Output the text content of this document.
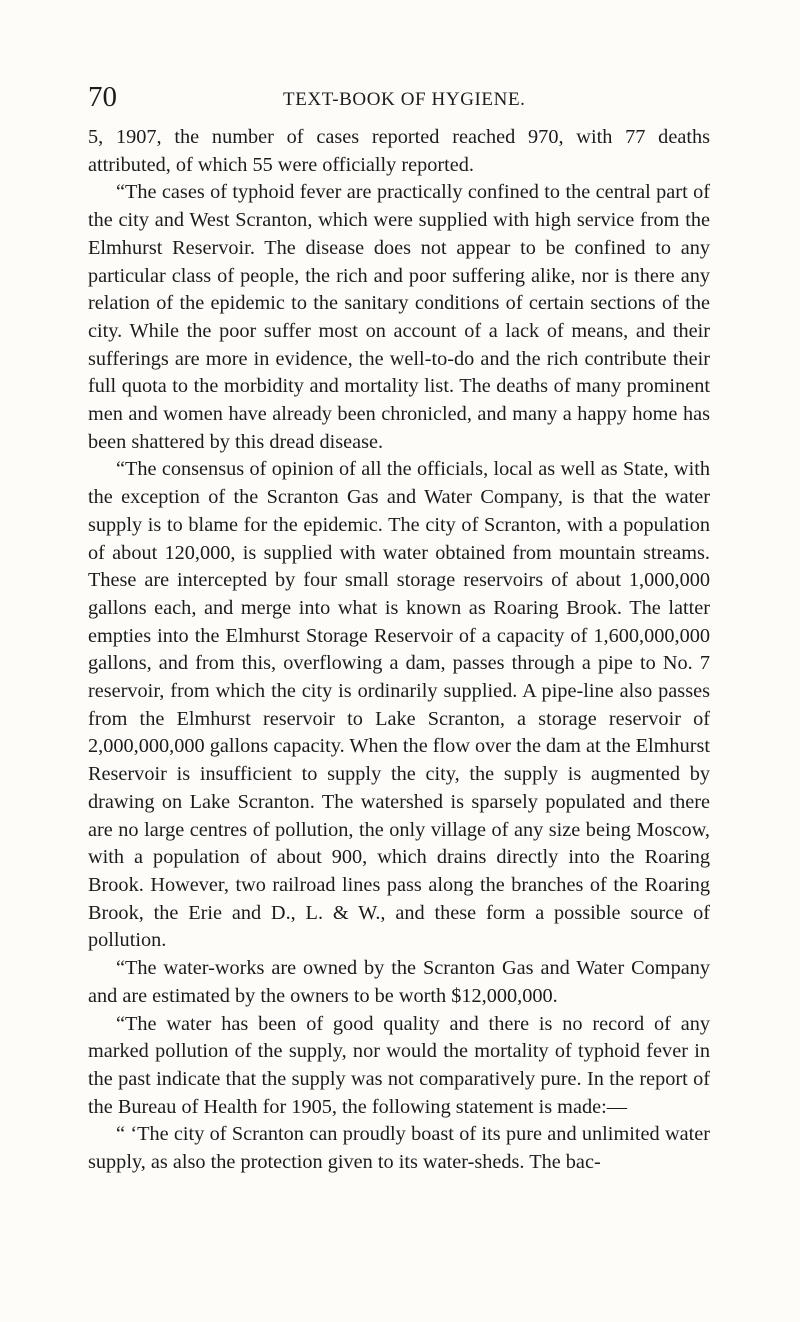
70	TEXT-BOOK OF HYGIENE.

5, 1907, the number of cases reported reached 970, with 77 deaths attributed, of which 55 were officially reported.

“The cases of typhoid fever are practically confined to the central part of the city and West Scranton, which were supplied with high service from the Elmhurst Reservoir. The disease does not appear to be confined to any particular class of people, the rich and poor suffering alike, nor is there any relation of the epidemic to the sanitary conditions of certain sections of the city. While the poor suffer most on account of a lack of means, and their sufferings are more in evidence, the well-to-do and the rich contribute their full quota to the morbidity and mortality list. The deaths of many prominent men and women have already been chronicled, and many a happy home has been shattered by this dread disease.

“The consensus of opinion of all the officials, local as well as State, with the exception of the Scranton Gas and Water Company, is that the water supply is to blame for the epidemic. The city of Scranton, with a population of about 120,000, is supplied with water obtained from mountain streams. These are intercepted by four small storage reservoirs of about 1,000,000 gallons each, and merge into what is known as Roaring Brook. The latter empties into the Elmhurst Storage Reservoir of a capacity of 1,600,000,000 gallons, and from this, overflowing a dam, passes through a pipe to No. 7 reservoir, from which the city is ordinarily supplied. A pipe-line also passes from the Elmhurst reservoir to Lake Scranton, a storage reservoir of 2,000,000,000 gallons capacity. When the flow over the dam at the Elmhurst Reservoir is insufficient to supply the city, the supply is augmented by drawing on Lake Scranton. The watershed is sparsely populated and there are no large centres of pollution, the only village of any size being Moscow, with a population of about 900, which drains directly into the Roaring Brook. However, two railroad lines pass along the branches of the Roaring Brook, the Erie and D., L. & W., and these form a possible source of pollution.

“The water-works are owned by the Scranton Gas and Water Company and are estimated by the owners to be worth $12,000,000.

“The water has been of good quality and there is no record of any marked pollution of the supply, nor would the mortality of typhoid fever in the past indicate that the supply was not comparatively pure. In the report of the Bureau of Health for 1905, the following statement is made:—

“ ‘The city of Scranton can proudly boast of its pure and unlimited water supply, as also the protection given to its water-sheds. The bac-
